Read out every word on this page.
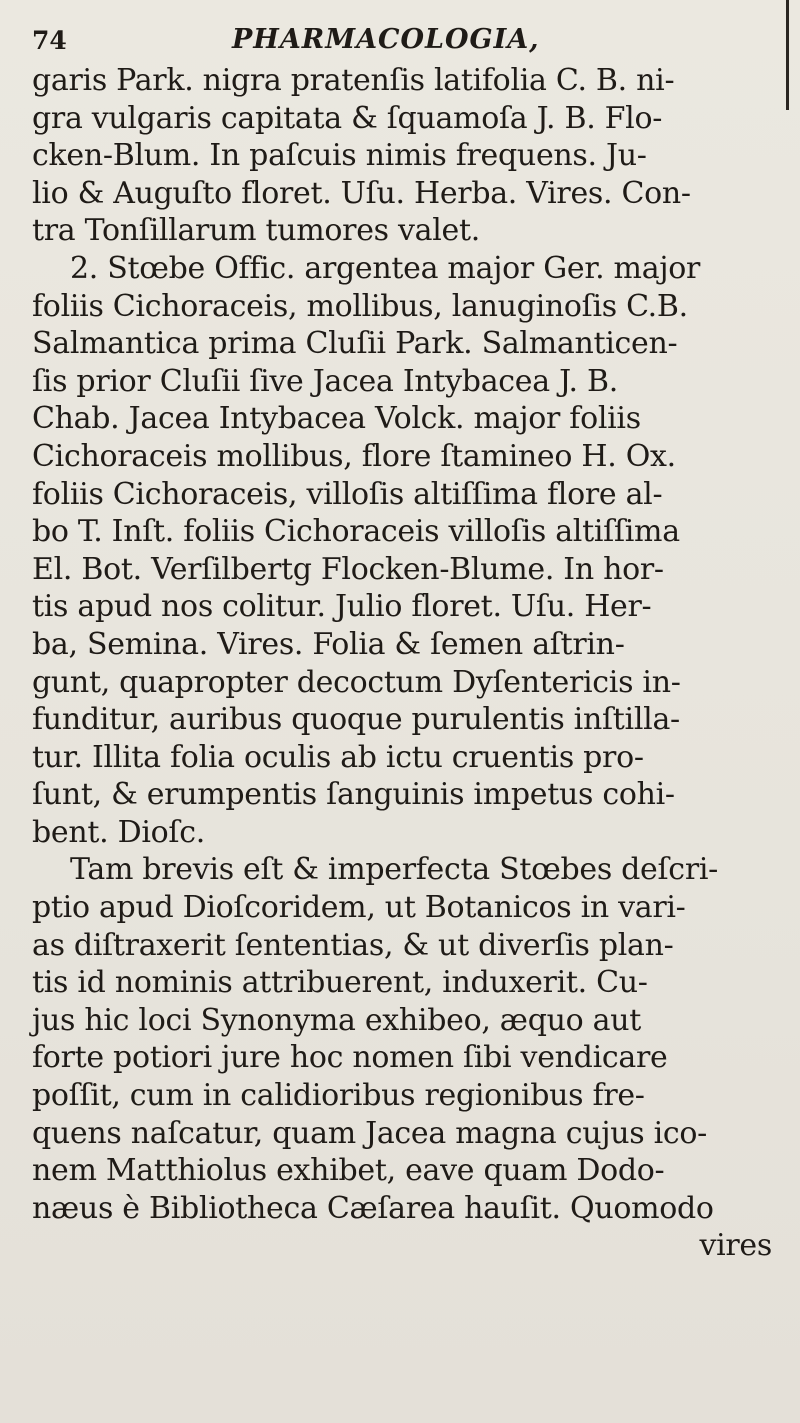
74	PHARMACOLOGIA,
garis Park. nigra pratenſis latifolia C. B. ni-
gra vulgaris capitata & ſquamoſa J. B. Flo-
cken-Blum. In paſcuis nimis frequens. Ju-
lio & Auguſto floret. Uſu. Herba. Vires. Con-
tra Tonſillarum tumores valet.
2. Stœbe Offic. argentea major Ger. major
foliis Cichoraceis, mollibus, lanuginoſis C.B.
Salmantica prima Cluſii Park. Salmanticen-
ſis prior Cluſii ſive Jacea Intybacea J. B.
Chab. Jacea Intybacea Volck. major foliis
Cichoraceis mollibus, flore ſtamineo H. Ox.
foliis Cichoraceis, villoſis altiſſima flore al-
bo T. Inſt. foliis Cichoraceis villoſis altiſſima
El. Bot. Verſilbertg Flocken-Blume. In hor-
tis apud nos colitur. Julio floret. Uſu. Her-
ba, Semina. Vires. Folia & ſemen aſtrin-
gunt, quapropter decoctum Dyſentericis in-
funditur, auribus quoque purulentis inſtilla-
tur. Illita folia oculis ab ictu cruentis pro-
ſunt, & erumpentis ſanguinis impetus cohi-
bent. Dioſc.
Tam brevis eſt & imperfecta Stœbes deſcri-
ptio apud Dioſcoridem, ut Botanicos in vari-
as diſtraxerit ſententias, & ut diverſis plan-
tis id nominis attribuerent, induxerit. Cu-
jus hic loci Synonyma exhibeo, æquo aut
forte potiori jure hoc nomen ſibi vendicare
poſſit, cum in calidioribus regionibus fre-
quens naſcatur, quam Jacea magna cujus ico-
nem Matthiolus exhibet, eave quam Dodo-
næus è Bibliotheca Cæſarea hauſit. Quomodo
vires
